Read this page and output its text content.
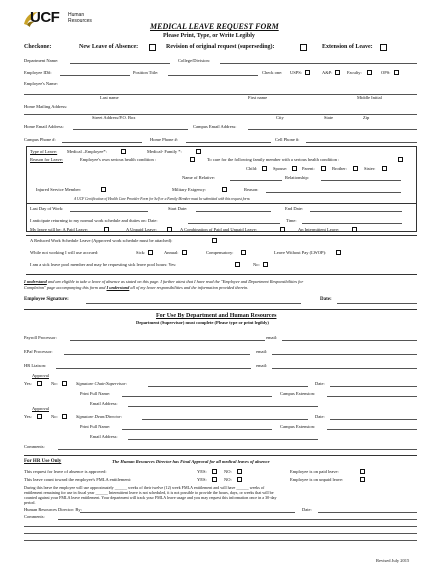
UCF Human
Resources
MEDICAL LEAVE REQUEST FORM
Please Print, Type, or Write Legibly
Checkone:	New Leave of Absence:	Revision of original request (superseding):	Extension of Leave:
Department Name:	College/Division:
Employee ID#:	Position Title:	Check one: USPS:	A&P:	Faculty:	OPS:
Employee's Name:
Last name	First name	Middle Initial
Home Mailing Address:
Street Address/P.O. Box	City	State	Zip
Home Email Address:	Campus Email Address:
Campus Phone #:	Home Phone #:	Cell Phone #:
Type of Leave: Medical –Employee*:	Medical- Family *:
Reason for Leave:	Employee's own serious health condition :	To care for the following family member with a serious health condition :
Child:	Spouse:	Parent:	Brother:	Sister:
Name of Relative:	Relationship:
Injured Service Member:	Military Exigency:	Reason:
A UCF Certification of Health Care Provider Form for Self or a Family Member must be submitted with this request form.
Last Day of Work:	Start Date:	End Date:
I anticipate returning to my normal work schedule and duties on: Date:	Time:
My leave will be: A Paid Leave:	A Unpaid Leave:	A Combination of Paid and Unpaid Leave:	An Intermittent Leave:
A Reduced Work Schedule Leave (Approved work schedule must be attached):
While not working I will use accrued:	Sick:	Annual:	Compensatory:	Leave Without Pay (LWOP):
I am a sick leave pool member and may be requesting sick leave pool hours: Yes:	No:
I understand and am eligible to take a leave of absence as stated on this page. I further attest that I have read the "Employee and Department Responsibilities for
Completion" page accompanying this form and I understand all of my leave responsibilities and the information provided therein.
Employee Signature:	Date:
For Use By Department and Human Resources
Department (Supervisor) must complete (Please type or print legibly)
Payroll Processor:	email:
EPaf Processor:	email:
HR Liaison:	email:
Approval
Yes:	No:	Signature Chair/Supervisor:	Date:
Print Full Name:	Campus Extension:
Email Address:
Approval
Yes:	No:	Signature Dean/Director:	Date:
Print Full Name:	Campus Extension:
Email Address:
Comments:
For HR Use Only	The Human Resources Director has Final Approval for all medical leaves of absence
This request for leave of absence is approved:	YES:	NO:	Employee is on paid leave:
This leave count toward the employee's FMLA entitlement:	YES:	NO:	Employee is on unpaid leave:
During this leave the employee will use approximately ______ weeks of their twelve (12) week FMLA entitlement and will have ______ weeks of
entitlement remaining for use in fiscal year ______ Intermittent leave is not scheduled, it is not possible to provide the hours, days, or weeks that will be
counted against your FMLA leave entitlement. Your department will track your FMLA leave usage and you may request this information once in a 30-day
period.
Human Resources Director: By:	Date:
Comments:
Revised July 2015
